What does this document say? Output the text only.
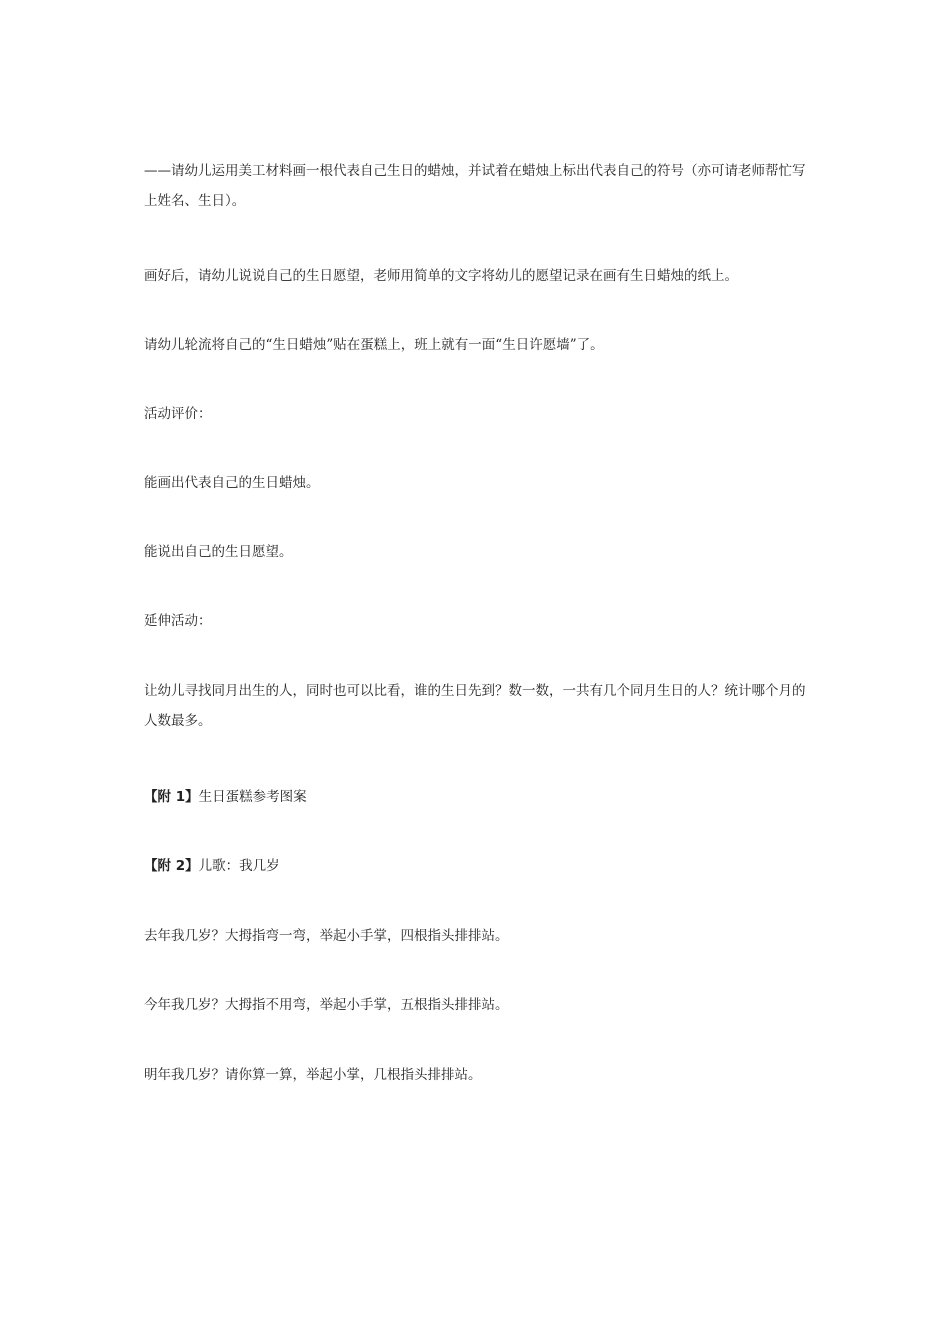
——请幼儿运用美工材料画一根代表自己生日的蜡烛，并试着在蜡烛上标出代表自己的符号（亦可请老师帮忙写上姓名、生日）。

画好后，请幼儿说说自己的生日愿望，老师用简单的文字将幼儿的愿望记录在画有生日蜡烛的纸上。

请幼儿轮流将自己的“生日蜡烛”贴在蛋糕上，班上就有一面“生日许愿墙”了。

活动评价：

能画出代表自己的生日蜡烛。

能说出自己的生日愿望。

延伸活动：

让幼儿寻找同月出生的人，同时也可以比看，谁的生日先到？数一数，一共有几个同月生日的人？统计哪个月的人数最多。

【附 1】生日蛋糕参考图案

【附 2】儿歌：我几岁

去年我几岁？大拇指弯一弯，举起小手掌，四根指头排排站。

今年我几岁？大拇指不用弯，举起小手掌，五根指头排排站。

明年我几岁？请你算一算，举起小掌，几根指头排排站。
